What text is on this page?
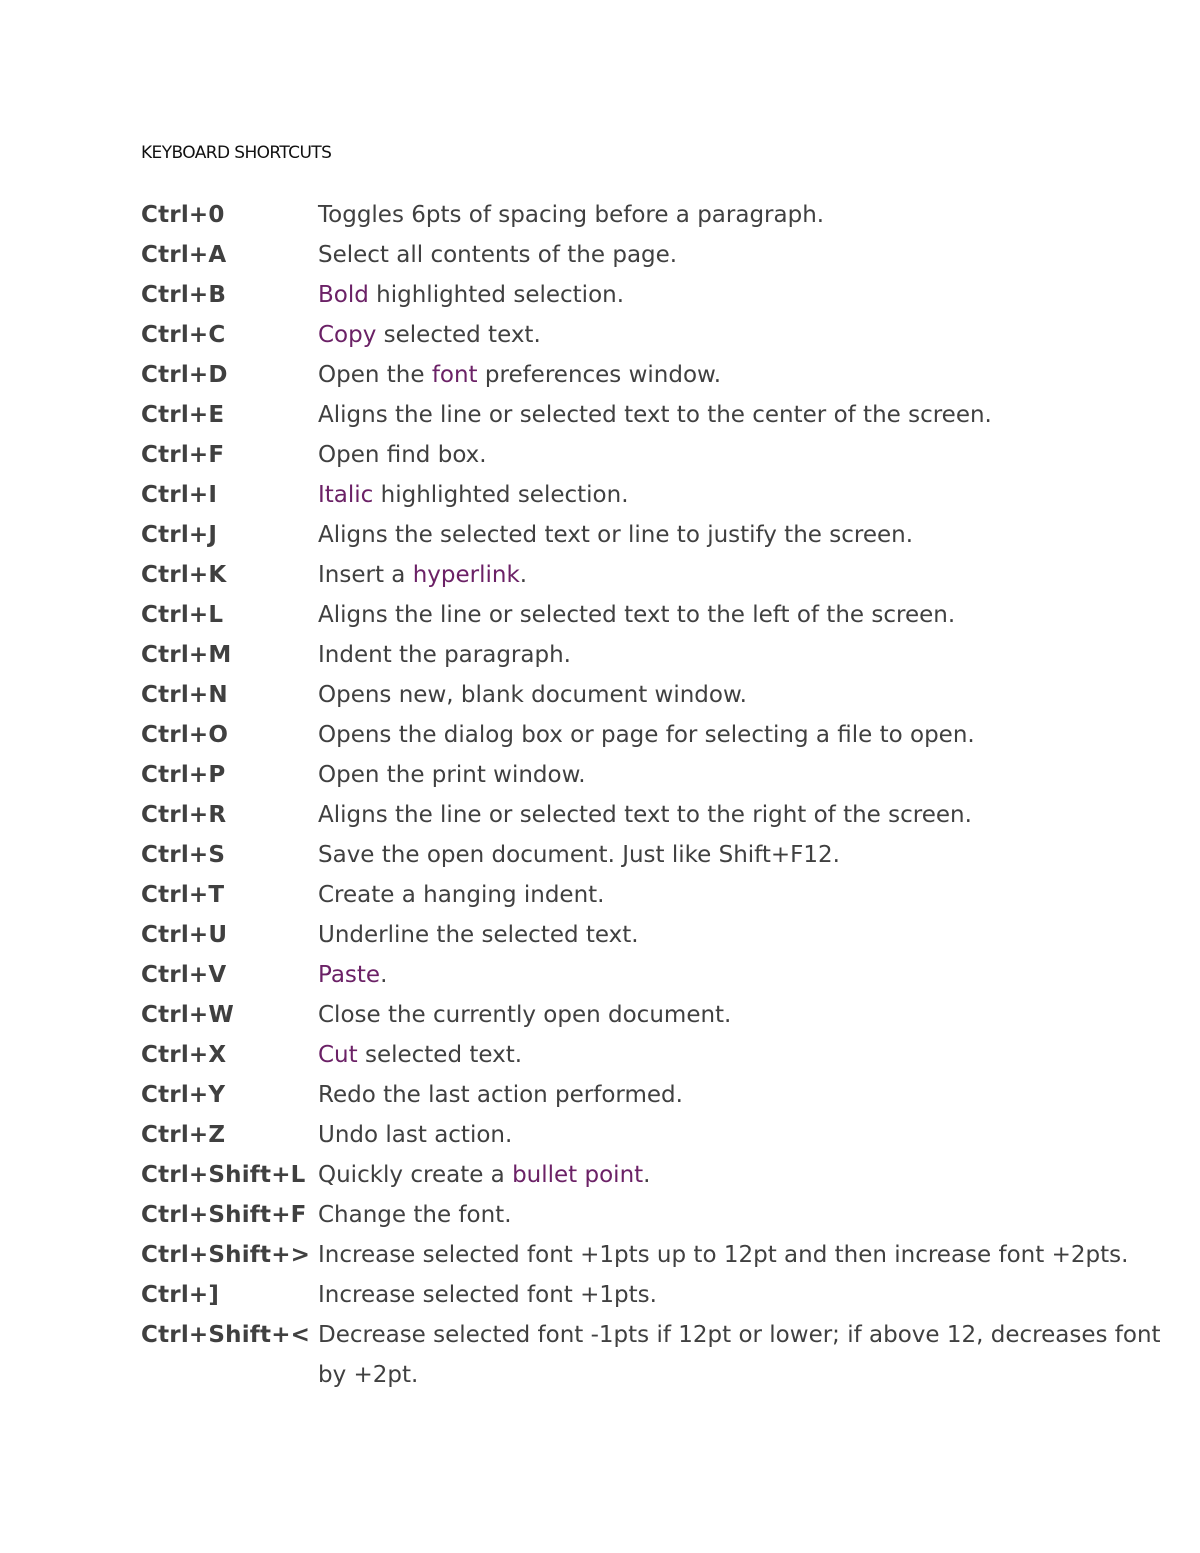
KEYBOARD SHORTCUTS
Ctrl+0	Toggles 6pts of spacing before a paragraph.
Ctrl+A	Select all contents of the page.
Ctrl+B	Bold highlighted selection.
Ctrl+C	Copy selected text.
Ctrl+D	Open the font preferences window.
Ctrl+E	Aligns the line or selected text to the center of the screen.
Ctrl+F	Open find box.
Ctrl+I	Italic highlighted selection.
Ctrl+J	Aligns the selected text or line to justify the screen.
Ctrl+K	Insert a hyperlink.
Ctrl+L	Aligns the line or selected text to the left of the screen.
Ctrl+M	Indent the paragraph.
Ctrl+N	Opens new, blank document window.
Ctrl+O	Opens the dialog box or page for selecting a file to open.
Ctrl+P	Open the print window.
Ctrl+R	Aligns the line or selected text to the right of the screen.
Ctrl+S	Save the open document. Just like Shift+F12.
Ctrl+T	Create a hanging indent.
Ctrl+U	Underline the selected text.
Ctrl+V	Paste.
Ctrl+W	Close the currently open document.
Ctrl+X	Cut selected text.
Ctrl+Y	Redo the last action performed.
Ctrl+Z	Undo last action.
Ctrl+Shift+L Quickly create a bullet point.
Ctrl+Shift+F Change the font.
Ctrl+Shift+> Increase selected font +1pts up to 12pt and then increase font +2pts.
Ctrl+]	Increase selected font +1pts.
Ctrl+Shift+< Decrease selected font -1pts if 12pt or lower; if above 12, decreases font by +2pt.
